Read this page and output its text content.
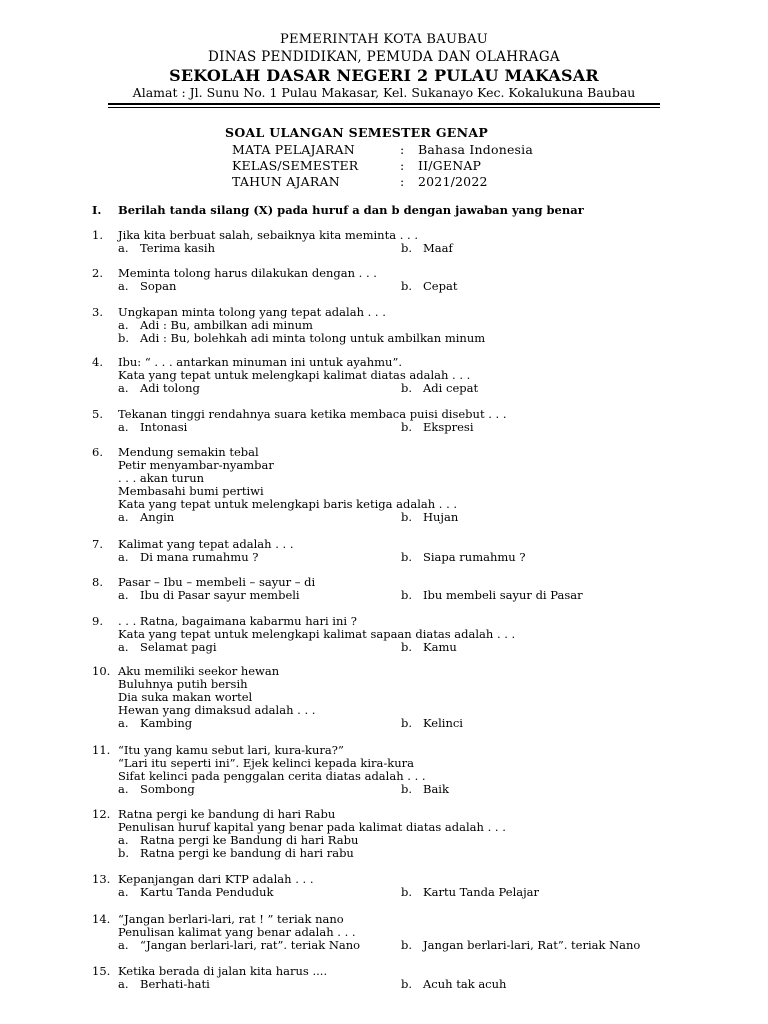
PEMERINTAH KOTA BAUBAU
DINAS PENDIDIKAN, PEMUDA DAN OLAHRAGA
SEKOLAH DASAR NEGERI 2 PULAU MAKASAR
Alamat : Jl. Sunu No. 1 Pulau Makasar, Kel. Sukanayo Kec. Kokalukuna Baubau
SOAL ULANGAN SEMESTER GENAP
MATA PELAJARAN	: Bahasa Indonesia
KELAS/SEMESTER	: II/GENAP
TAHUN AJARAN	: 2021/2022
I. Berilah tanda silang (X) pada huruf a dan b dengan jawaban yang benar
1. Jika kita berbuat salah, sebaiknya kita meminta . . .
a. Terima kasih	b. Maaf
2. Meminta tolong harus dilakukan dengan . . .
a. Sopan	b. Cepat
3. Ungkapan minta tolong yang tepat adalah . . .
a. Adi : Bu, ambilkan adi minum
b. Adi : Bu, bolehkah adi minta tolong untuk ambilkan minum
4. Ibu: “ . . . antarkan minuman ini untuk ayahmu”.
Kata yang tepat untuk melengkapi kalimat diatas adalah . . .
a. Adi tolong	b. Adi cepat
5. Tekanan tinggi rendahnya suara ketika membaca puisi disebut . . .
a. Intonasi	b. Ekspresi
6. Mendung semakin tebal
Petir menyambar-nyambar
. . . akan turun
Membasahi bumi pertiwi
Kata yang tepat untuk melengkapi baris ketiga adalah . . .
a. Angin	b. Hujan
7. Kalimat yang tepat adalah . . .
a. Di mana rumahmu ?	b. Siapa rumahmu ?
8. Pasar – Ibu – membeli – sayur – di
a. Ibu di Pasar sayur membeli	b. Ibu membeli sayur di Pasar
9. . . . Ratna, bagaimana kabarmu hari ini ?
Kata yang tepat untuk melengkapi kalimat sapaan diatas adalah . . .
a. Selamat pagi	b. Kamu
10. Aku memiliki seekor hewan
Buluhnya putih bersih
Dia suka makan wortel
Hewan yang dimaksud adalah . . .
a. Kambing	b. Kelinci
11. “Itu yang kamu sebut lari, kura-kura?”
“Lari itu seperti ini”. Ejek kelinci kepada kira-kura
Sifat kelinci pada penggalan cerita diatas adalah . . .
a. Sombong	b. Baik
12. Ratna pergi ke bandung di hari Rabu
Penulisan huruf kapital yang benar pada kalimat diatas adalah . . .
a. Ratna pergi ke Bandung di hari Rabu
b. Ratna pergi ke bandung di hari rabu
13. Kepanjangan dari KTP adalah . . .
a. Kartu Tanda Penduduk	b. Kartu Tanda Pelajar
14. “Jangan berlari-lari, rat ! ” teriak nano
Penulisan kalimat yang benar adalah . . .
a. “Jangan berlari-lari, rat”. teriak Nano	b. Jangan berlari-lari, Rat”. teriak Nano
15. Ketika berada di jalan kita harus ....
a. Berhati-hati	b. Acuh tak acuh
